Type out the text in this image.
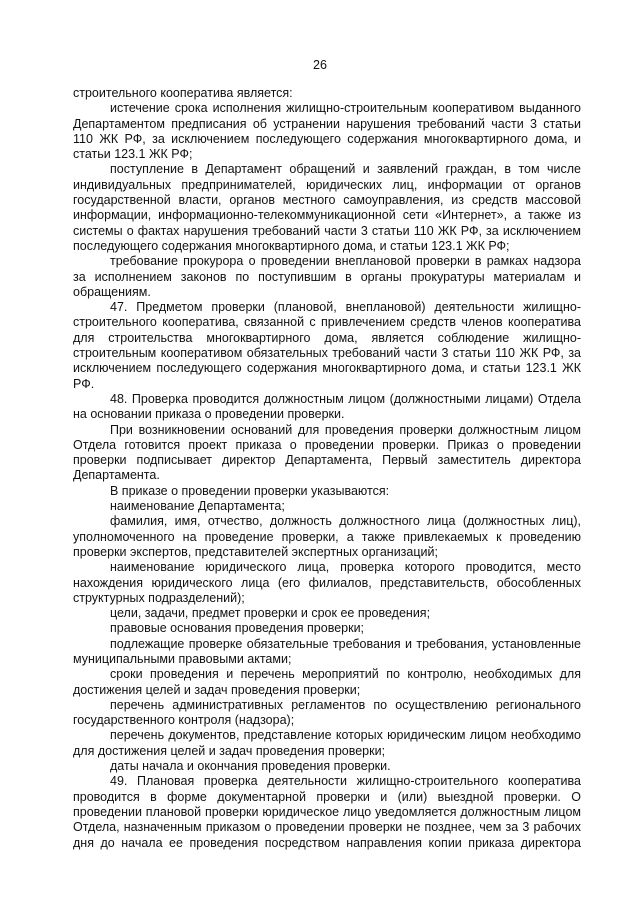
26

строительного кооператива является:

истечение срока исполнения жилищно-строительным кооперативом выданного Департаментом предписания об устранении нарушения требований части 3 статьи 110 ЖК РФ, за исключением последующего содержания многоквартирного дома, и статьи 123.1 ЖК РФ;

поступление в Департамент обращений и заявлений граждан, в том числе индивидуальных предпринимателей, юридических лиц, информации от органов государственной власти, органов местного самоуправления, из средств массовой информации, информационно-телекоммуникационной сети «Интернет», а также из системы о фактах нарушения требований части 3 статьи 110 ЖК РФ, за исключением последующего содержания многоквартирного дома, и статьи 123.1 ЖК РФ;

требование прокурора о проведении внеплановой проверки в рамках надзора за исполнением законов по поступившим в органы прокуратуры материалам и обращениям.

47. Предметом проверки (плановой, внеплановой) деятельности жилищно-строительного кооператива, связанной с привлечением средств членов кооператива для строительства многоквартирного дома, является соблюдение жилищно-строительным кооперативом обязательных требований части 3 статьи 110 ЖК РФ, за исключением последующего содержания многоквартирного дома, и статьи 123.1 ЖК РФ.

48. Проверка проводится должностным лицом (должностными лицами) Отдела на основании приказа о проведении проверки.

При возникновении оснований для проведения проверки должностным лицом Отдела готовится проект приказа о проведении проверки. Приказ о проведении проверки подписывает директор Департамента, Первый заместитель директора Департамента.

В приказе о проведении проверки указываются:

наименование Департамента;

фамилия, имя, отчество, должность должностного лица (должностных лиц), уполномоченного на проведение проверки, а также привлекаемых к проведению проверки экспертов, представителей экспертных организаций;

наименование юридического лица, проверка которого проводится, место нахождения юридического лица (его филиалов, представительств, обособленных структурных подразделений);

цели, задачи, предмет проверки и срок ее проведения;

правовые основания проведения проверки;

подлежащие проверке обязательные требования и требования, установленные муниципальными правовыми актами;

сроки проведения и перечень мероприятий по контролю, необходимых для достижения целей и задач проведения проверки;

перечень административных регламентов по осуществлению регионального государственного контроля (надзора);

перечень документов, представление которых юридическим лицом необходимо для достижения целей и задач проведения проверки;

даты начала и окончания проведения проверки.

49. Плановая проверка деятельности жилищно-строительного кооператива проводится в форме документарной проверки и (или) выездной проверки. О проведении плановой проверки юридическое лицо уведомляется должностным лицом Отдела, назначенным приказом о проведении проверки не позднее, чем за 3 рабочих дня до начала ее проведения посредством направления копии приказа директора
